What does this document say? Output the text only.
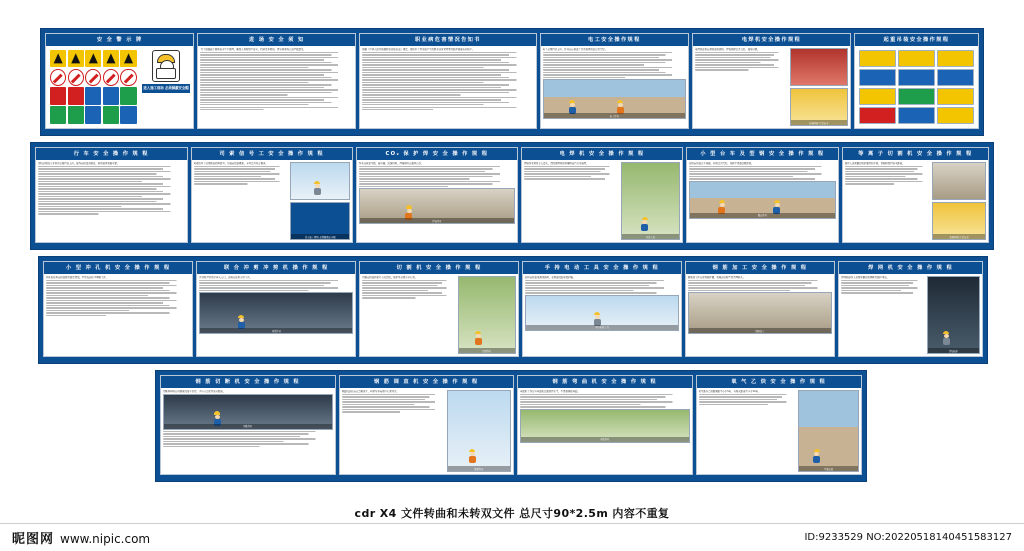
安 全 警 示 牌
进入施工现场 必须佩戴安全帽
进 场 安 全 须 知
为了加强施工现场安全生产管理，确保人身和财产安全，特制定本须知，请全体进场人员严格遵守。
职业病危害情况告知书
根据《中华人民共和国职业病防治法》规定，现将本工程可能产生的职业病危害因素及防护措施告知如下。
电工安全操作规程
电工必须持证上岗，作业前应检查工具及绝缘用品是否完好。
电工作业
电焊机安全操作规程
电焊机使用前须检查电源线、焊钳绝缘是否良好，接地可靠。
机械检修 注意安全
起重吊装安全操作规程
行 车 安 全 操 作 规 程
司机必须经专业培训合格持证上岗，操作前检查各限位、制动装置灵敏可靠。
司 索 信 号 工 安 全 操 作 规 程
司索信号工必须熟悉指挥信号，吊装前检查绳索、卡环是否符合要求。
进入施工现场 必须佩戴安全帽
CO₂ 保 护 焊 安 全 操 作 规 程
作业前检查气瓶、减压器、送丝机构，焊接场所应通风良好。
焊接作业
电 焊 机 安 全 操 作 规 程
焊接作业须设专人看火，清除周围易燃易爆物品后方可施焊。
持证上岗
小 型 台 车 及 型 钢 安 全 操 作 规 程
使用前检查台车轮轴、制动是否完好，荷载不得超过额定值。
搬运作业
等 离 子 切 割 机 安 全 操 作 规 程
操作人员须戴好防护面罩和手套，切割时保持安全距离。
机械检修 注意安全
小 型 冲 孔 机 安 全 操 作 规 程
冲孔机使用前检查模具固定情况，严禁在运转中调整工件。
联 合 冲 剪 冲 剪 机 操 作 规 程
作业时严禁将手伸入刀口，送料应使用专用工具。
冲剪作业
切 割 机 安 全 操 作 规 程
切割前检查砂轮片有无裂纹，防护罩必须齐全有效。
切割作业
手 持 电 动 工 具 安 全 操 作 规 程
使用前检查电源线绝缘，必须装设漏电保护器。
手持电动工具
钢 筋 加 工 安 全 操 作 规 程
钢筋加工区应设置防护棚，机械运转时严禁清理料头。
钢筋加工
焊 网 机 安 全 操 作 规 程
焊网机操作人员须穿戴好绝缘鞋及防护用品。
焊接防护
钢 筋 切 断 机 安 全 操 作 规 程
切断短料时应用套管或钳子夹持，手与刀口保持安全距离。
切断作业
钢 筋 调 直 机 安 全 操 作 规 程
调直机运转前应空载试车，料架与导向筒中心须对正。
调直作业
钢 筋 弯 曲 机 安 全 操 作 规 程
弯曲机工作台与弯曲机台面保持水平，不得超规格弯曲。
弯曲作业
氧 气 乙 炔 安 全 操 作 规 程
氧气瓶与乙炔瓶间距不小于5米，与明火距离不小于10米。
气瓶存放
cdr X4 文件转曲和未转双文件 总尺寸90*2.5m 内容不重复
昵图网 www.nipic.com	ID:9233529 NO:20220518140451583127
